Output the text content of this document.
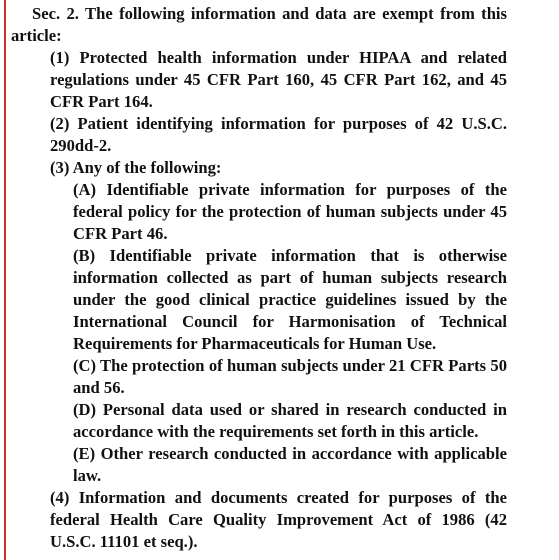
Sec. 2. The following information and data are exempt from this article:

(1) Protected health information under HIPAA and related regulations under 45 CFR Part 160, 45 CFR Part 162, and 45 CFR Part 164.

(2) Patient identifying information for purposes of 42 U.S.C. 290dd-2.

(3) Any of the following:

(A) Identifiable private information for purposes of the federal policy for the protection of human subjects under 45 CFR Part 46.

(B) Identifiable private information that is otherwise information collected as part of human subjects research under the good clinical practice guidelines issued by the International Council for Harmonisation of Technical Requirements for Pharmaceuticals for Human Use.

(C) The protection of human subjects under 21 CFR Parts 50 and 56.

(D) Personal data used or shared in research conducted in accordance with the requirements set forth in this article.

(E) Other research conducted in accordance with applicable law.

(4) Information and documents created for purposes of the federal Health Care Quality Improvement Act of 1986 (42 U.S.C. 11101 et seq.).
